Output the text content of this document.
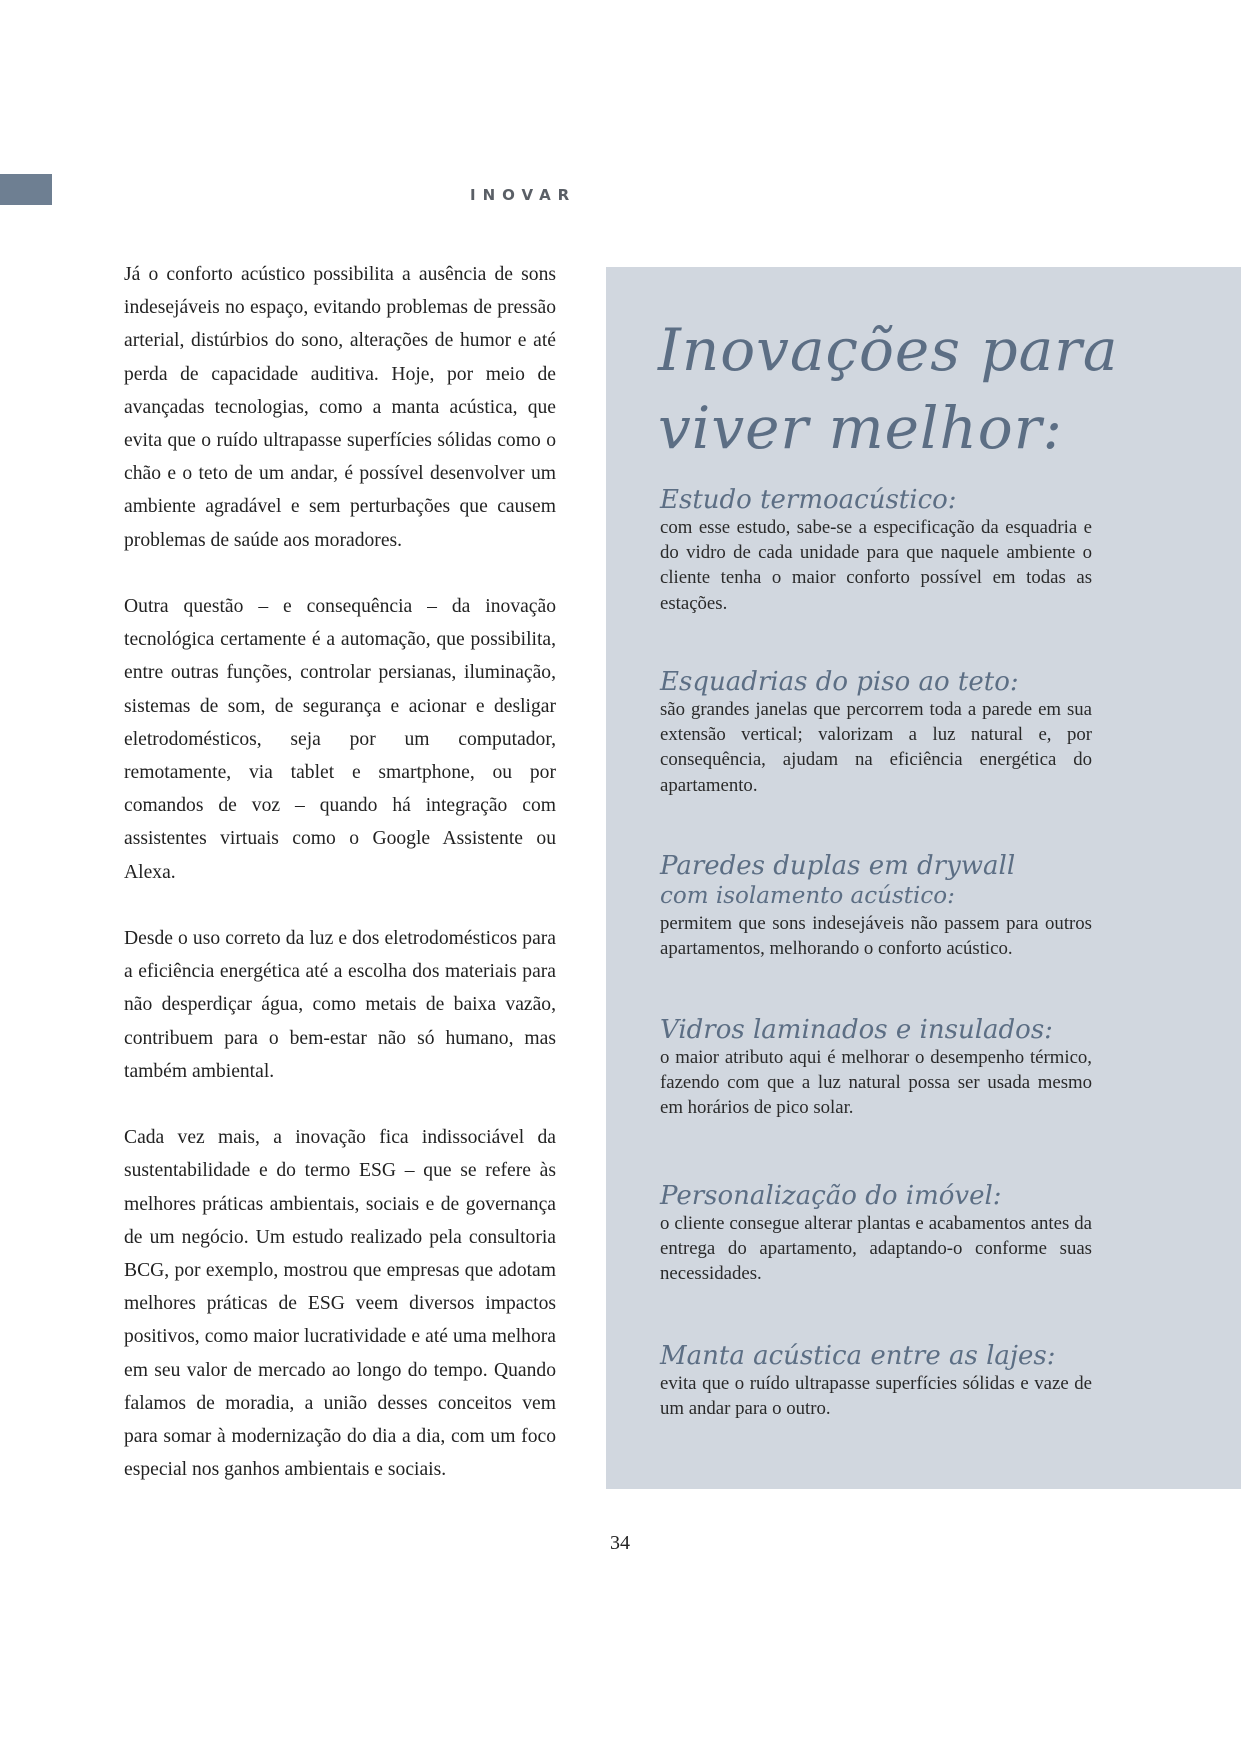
INOVAR

Já o conforto acústico possibilita a ausência de sons indesejáveis no espaço, evitando problemas de pressão arterial, distúrbios do sono, alterações de humor e até perda de capacidade auditiva. Hoje, por meio de avançadas tecnologias, como a manta acústica, que evita que o ruído ultrapasse superfícies sólidas como o chão e o teto de um andar, é possível desenvolver um ambiente agradável e sem perturbações que causem problemas de saúde aos moradores.

Outra questão – e consequência – da inovação tecnológica certamente é a automação, que possibilita, entre outras funções, controlar persianas, iluminação, sistemas de som, de segurança e acionar e desligar eletrodomésticos, seja por um computador, remotamente, via tablet e smartphone, ou por comandos de voz – quando há integração com assistentes virtuais como o Google Assistente ou Alexa.

Desde o uso correto da luz e dos eletrodomésticos para a eficiência energética até a escolha dos materiais para não desperdiçar água, como metais de baixa vazão, contribuem para o bem-estar não só humano, mas também ambiental.

Cada vez mais, a inovação fica indissociável da sustentabilidade e do termo ESG – que se refere às melhores práticas ambientais, sociais e de governança de um negócio. Um estudo realizado pela consultoria BCG, por exemplo, mostrou que empresas que adotam melhores práticas de ESG veem diversos impactos positivos, como maior lucratividade e até uma melhora em seu valor de mercado ao longo do tempo. Quando falamos de moradia, a união desses conceitos vem para somar à modernização do dia a dia, com um foco especial nos ganhos ambientais e sociais.

Inovações para
viver melhor:

Estudo termoacústico:

com esse estudo, sabe-se a especificação da esquadria e do vidro de cada unidade para que naquele ambiente o cliente tenha o maior conforto possível em todas as estações.

Esquadrias do piso ao teto:

são grandes janelas que percorrem toda a parede em sua extensão vertical; valorizam a luz natural e, por consequência, ajudam na eficiência energética do apartamento.

Paredes duplas em drywall

com isolamento acústico:

permitem que sons indesejáveis não passem para outros apartamentos, melhorando o conforto acústico.

Vidros laminados e insulados:

o maior atributo aqui é melhorar o desempenho térmico, fazendo com que a luz natural possa ser usada mesmo em horários de pico solar.

Personalização do imóvel:

o cliente consegue alterar plantas e acabamentos antes da entrega do apartamento, adaptando-o conforme suas necessidades.

Manta acústica entre as lajes:

evita que o ruído ultrapasse superfícies sólidas e vaze de um andar para o outro.

34
